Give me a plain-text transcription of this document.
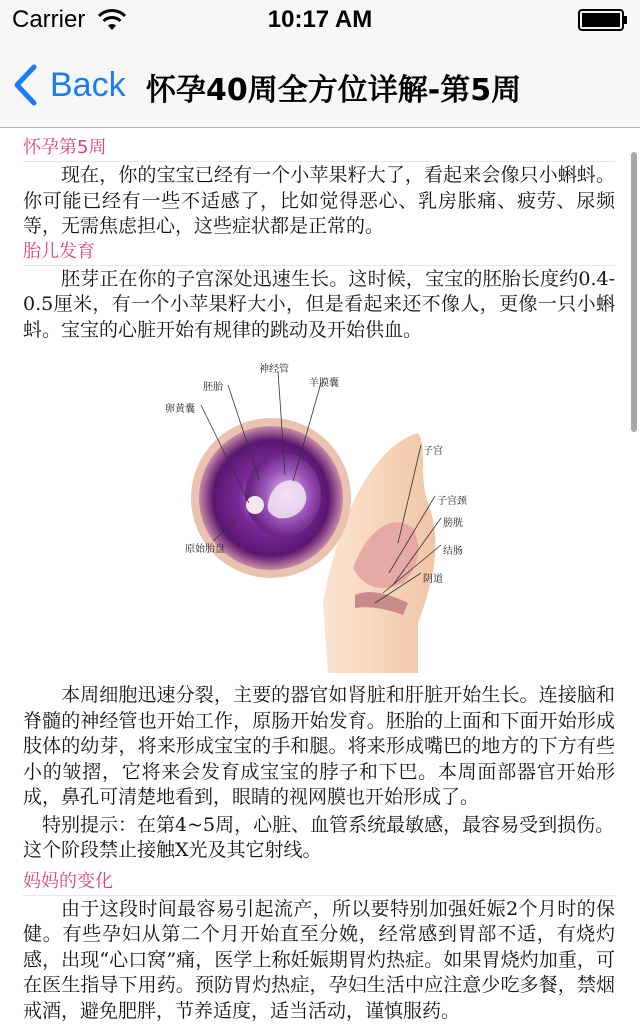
Carrier	10:17 AM
Back 怀孕40周全方位详解-第5周
怀孕第5周

现在，你的宝宝已经有一个小苹果籽大了，看起来会像只小蝌蚪。你可能已经有一些不适感了，比如觉得恶心、乳房胀痛、疲劳、尿频等，无需焦虑担心，这些症状都是正常的。

胎儿发育

胚芽正在你的子宫深处迅速生长。这时候，宝宝的胚胎长度约0.4-0.5厘米，有一个小苹果籽大小，但是看起来还不像人，更像一只小蝌蚪。宝宝的心脏开始有规律的跳动及开始供血。

神经管
胚胎	羊膜囊
卵黄囊
原始胎盘
子宫
子宫颈
膀胱
结肠
阴道

本周细胞迅速分裂，主要的器官如肾脏和肝脏开始生长。连接脑和脊髓的神经管也开始工作，原肠开始发育。胚胎的上面和下面开始形成肢体的幼芽，将来形成宝宝的手和腿。将来形成嘴巴的地方的下方有些小的皱摺，它将来会发育成宝宝的脖子和下巴。本周面部器官开始形成，鼻孔可清楚地看到，眼睛的视网膜也开始形成了。

特别提示：在第4~5周，心脏、血管系统最敏感，最容易受到损伤。这个阶段禁止接触X光及其它射线。

妈妈的变化

由于这段时间最容易引起流产，所以要特别加强妊娠2个月时的保健。有些孕妇从第二个月开始直至分娩，经常感到胃部不适，有烧灼感，出现“心口窝”痛，医学上称妊娠期胃灼热症。如果胃烧灼加重，可在医生指导下用药。预防胃灼热症，孕妇生活中应注意少吃多餐，禁烟戒酒，避免肥胖，节养适度，适当活动，谨慎服药。
